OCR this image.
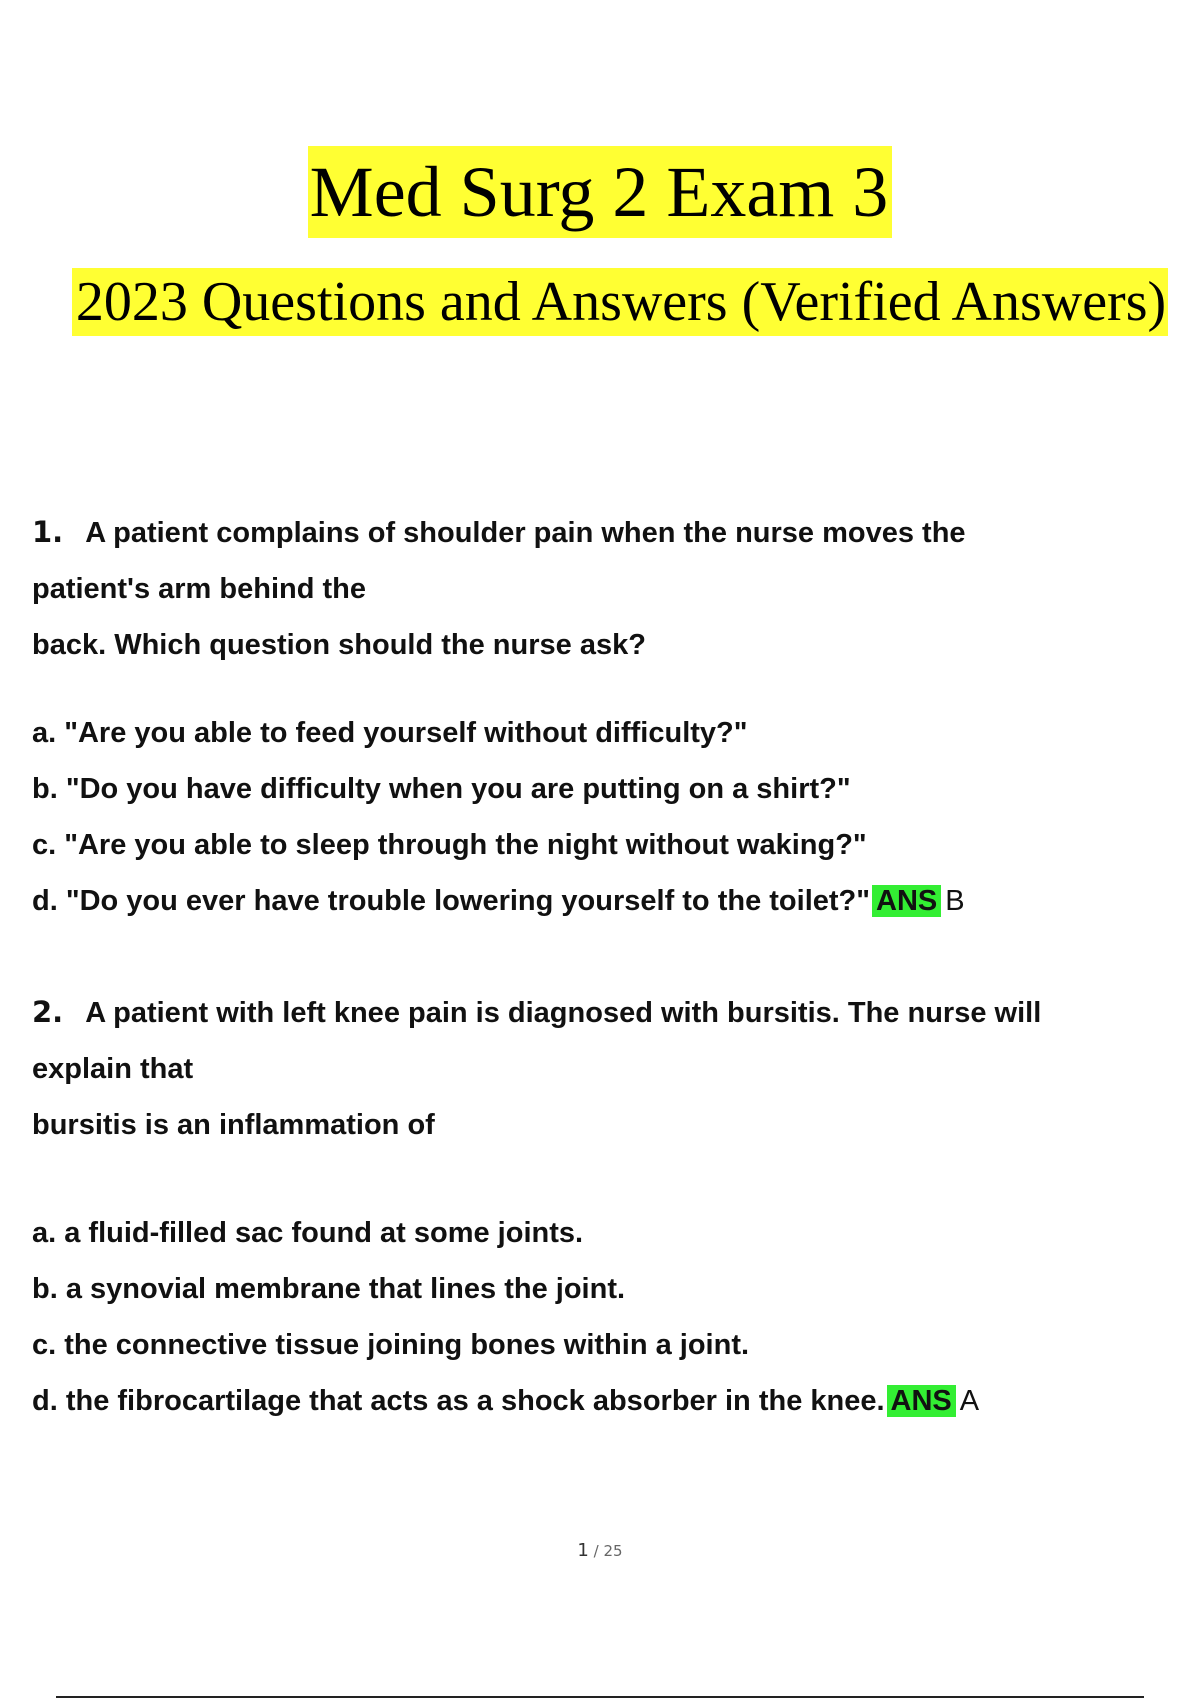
Med Surg 2 Exam 3
2023 Questions and Answers (Verified Answers)
1. A patient complains of shoulder pain when the nurse moves the
patient's arm behind the
back. Which question should the nurse ask?
a. "Are you able to feed yourself without difficulty?"
b. "Do you have difficulty when you are putting on a shirt?"
c. "Are you able to sleep through the night without waking?"
d. "Do you ever have trouble lowering yourself to the toilet?" ANS B
2. A patient with left knee pain is diagnosed with bursitis. The nurse will
explain that
bursitis is an inflammation of
a. a fluid-filled sac found at some joints.
b. a synovial membrane that lines the joint.
c. the connective tissue joining bones within a joint.
d. the fibrocartilage that acts as a shock absorber in the knee. ANS A
1 / 25
